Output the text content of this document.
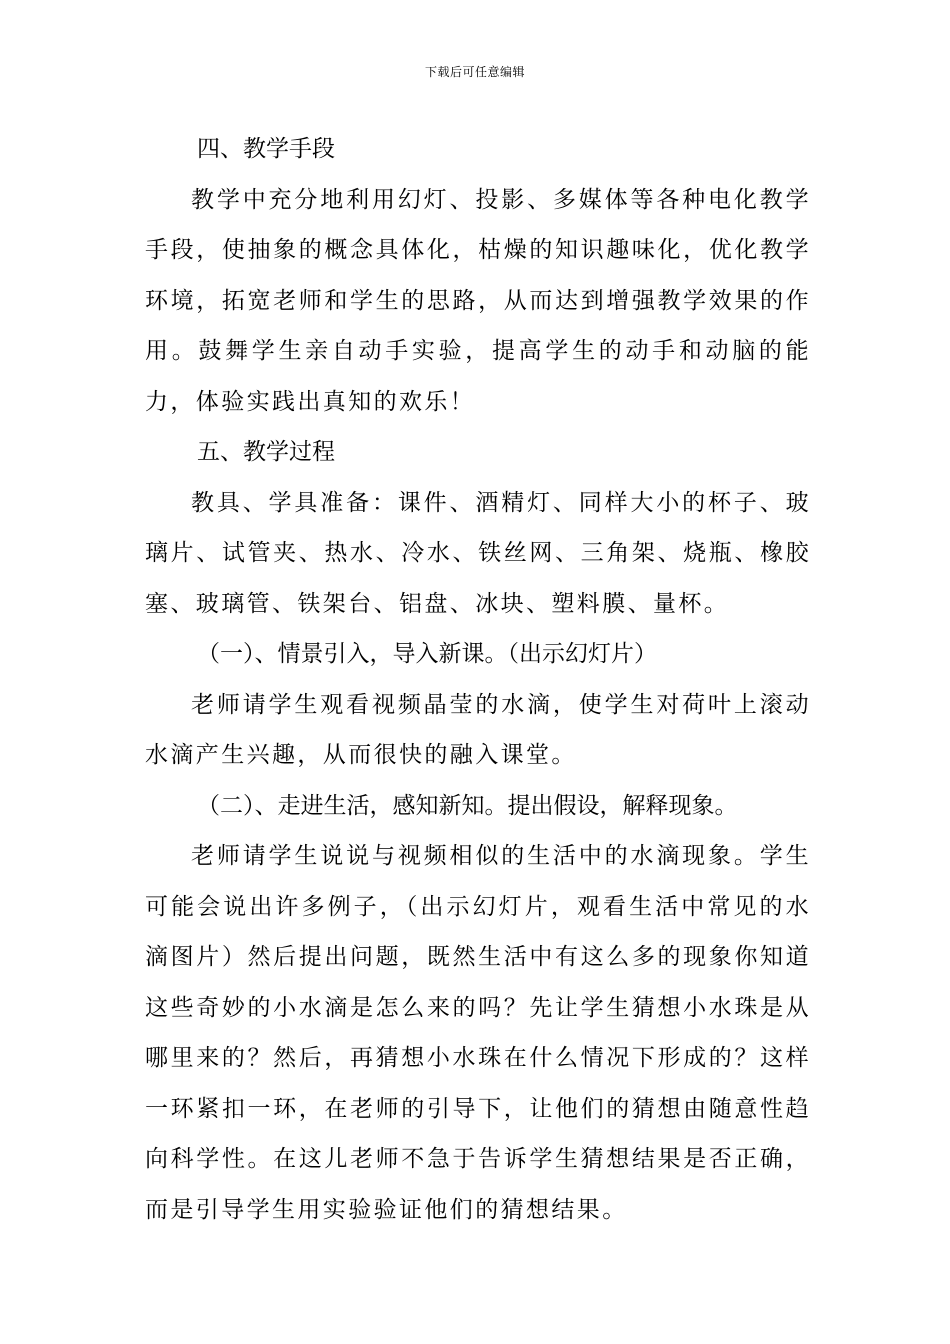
下载后可任意编辑

四、教学手段

教学中充分地利用幻灯、投影、多媒体等各种电化教学手段，使抽象的概念具体化，枯燥的知识趣味化，优化教学环境，拓宽老师和学生的思路，从而达到增强教学效果的作用。鼓舞学生亲自动手实验，提高学生的动手和动脑的能力，体验实践出真知的欢乐！

五、教学过程

教具、学具准备：课件、酒精灯、同样大小的杯子、玻璃片、试管夹、热水、冷水、铁丝网、三角架、烧瓶、橡胶塞、玻璃管、铁架台、铝盘、冰块、塑料膜、量杯。

（一）、情景引入，导入新课。（出示幻灯片）

老师请学生观看视频晶莹的水滴，使学生对荷叶上滚动水滴产生兴趣，从而很快的融入课堂。

（二）、走进生活，感知新知。提出假设，解释现象。

老师请学生说说与视频相似的生活中的水滴现象。学生可能会说出许多例子，（出示幻灯片，观看生活中常见的水滴图片）然后提出问题，既然生活中有这么多的现象你知道这些奇妙的小水滴是怎么来的吗？先让学生猜想小水珠是从哪里来的？然后，再猜想小水珠在什么情况下形成的？这样一环紧扣一环，在老师的引导下，让他们的猜想由随意性趋向科学性。在这儿老师不急于告诉学生猜想结果是否正确，而是引导学生用实验验证他们的猜想结果。
